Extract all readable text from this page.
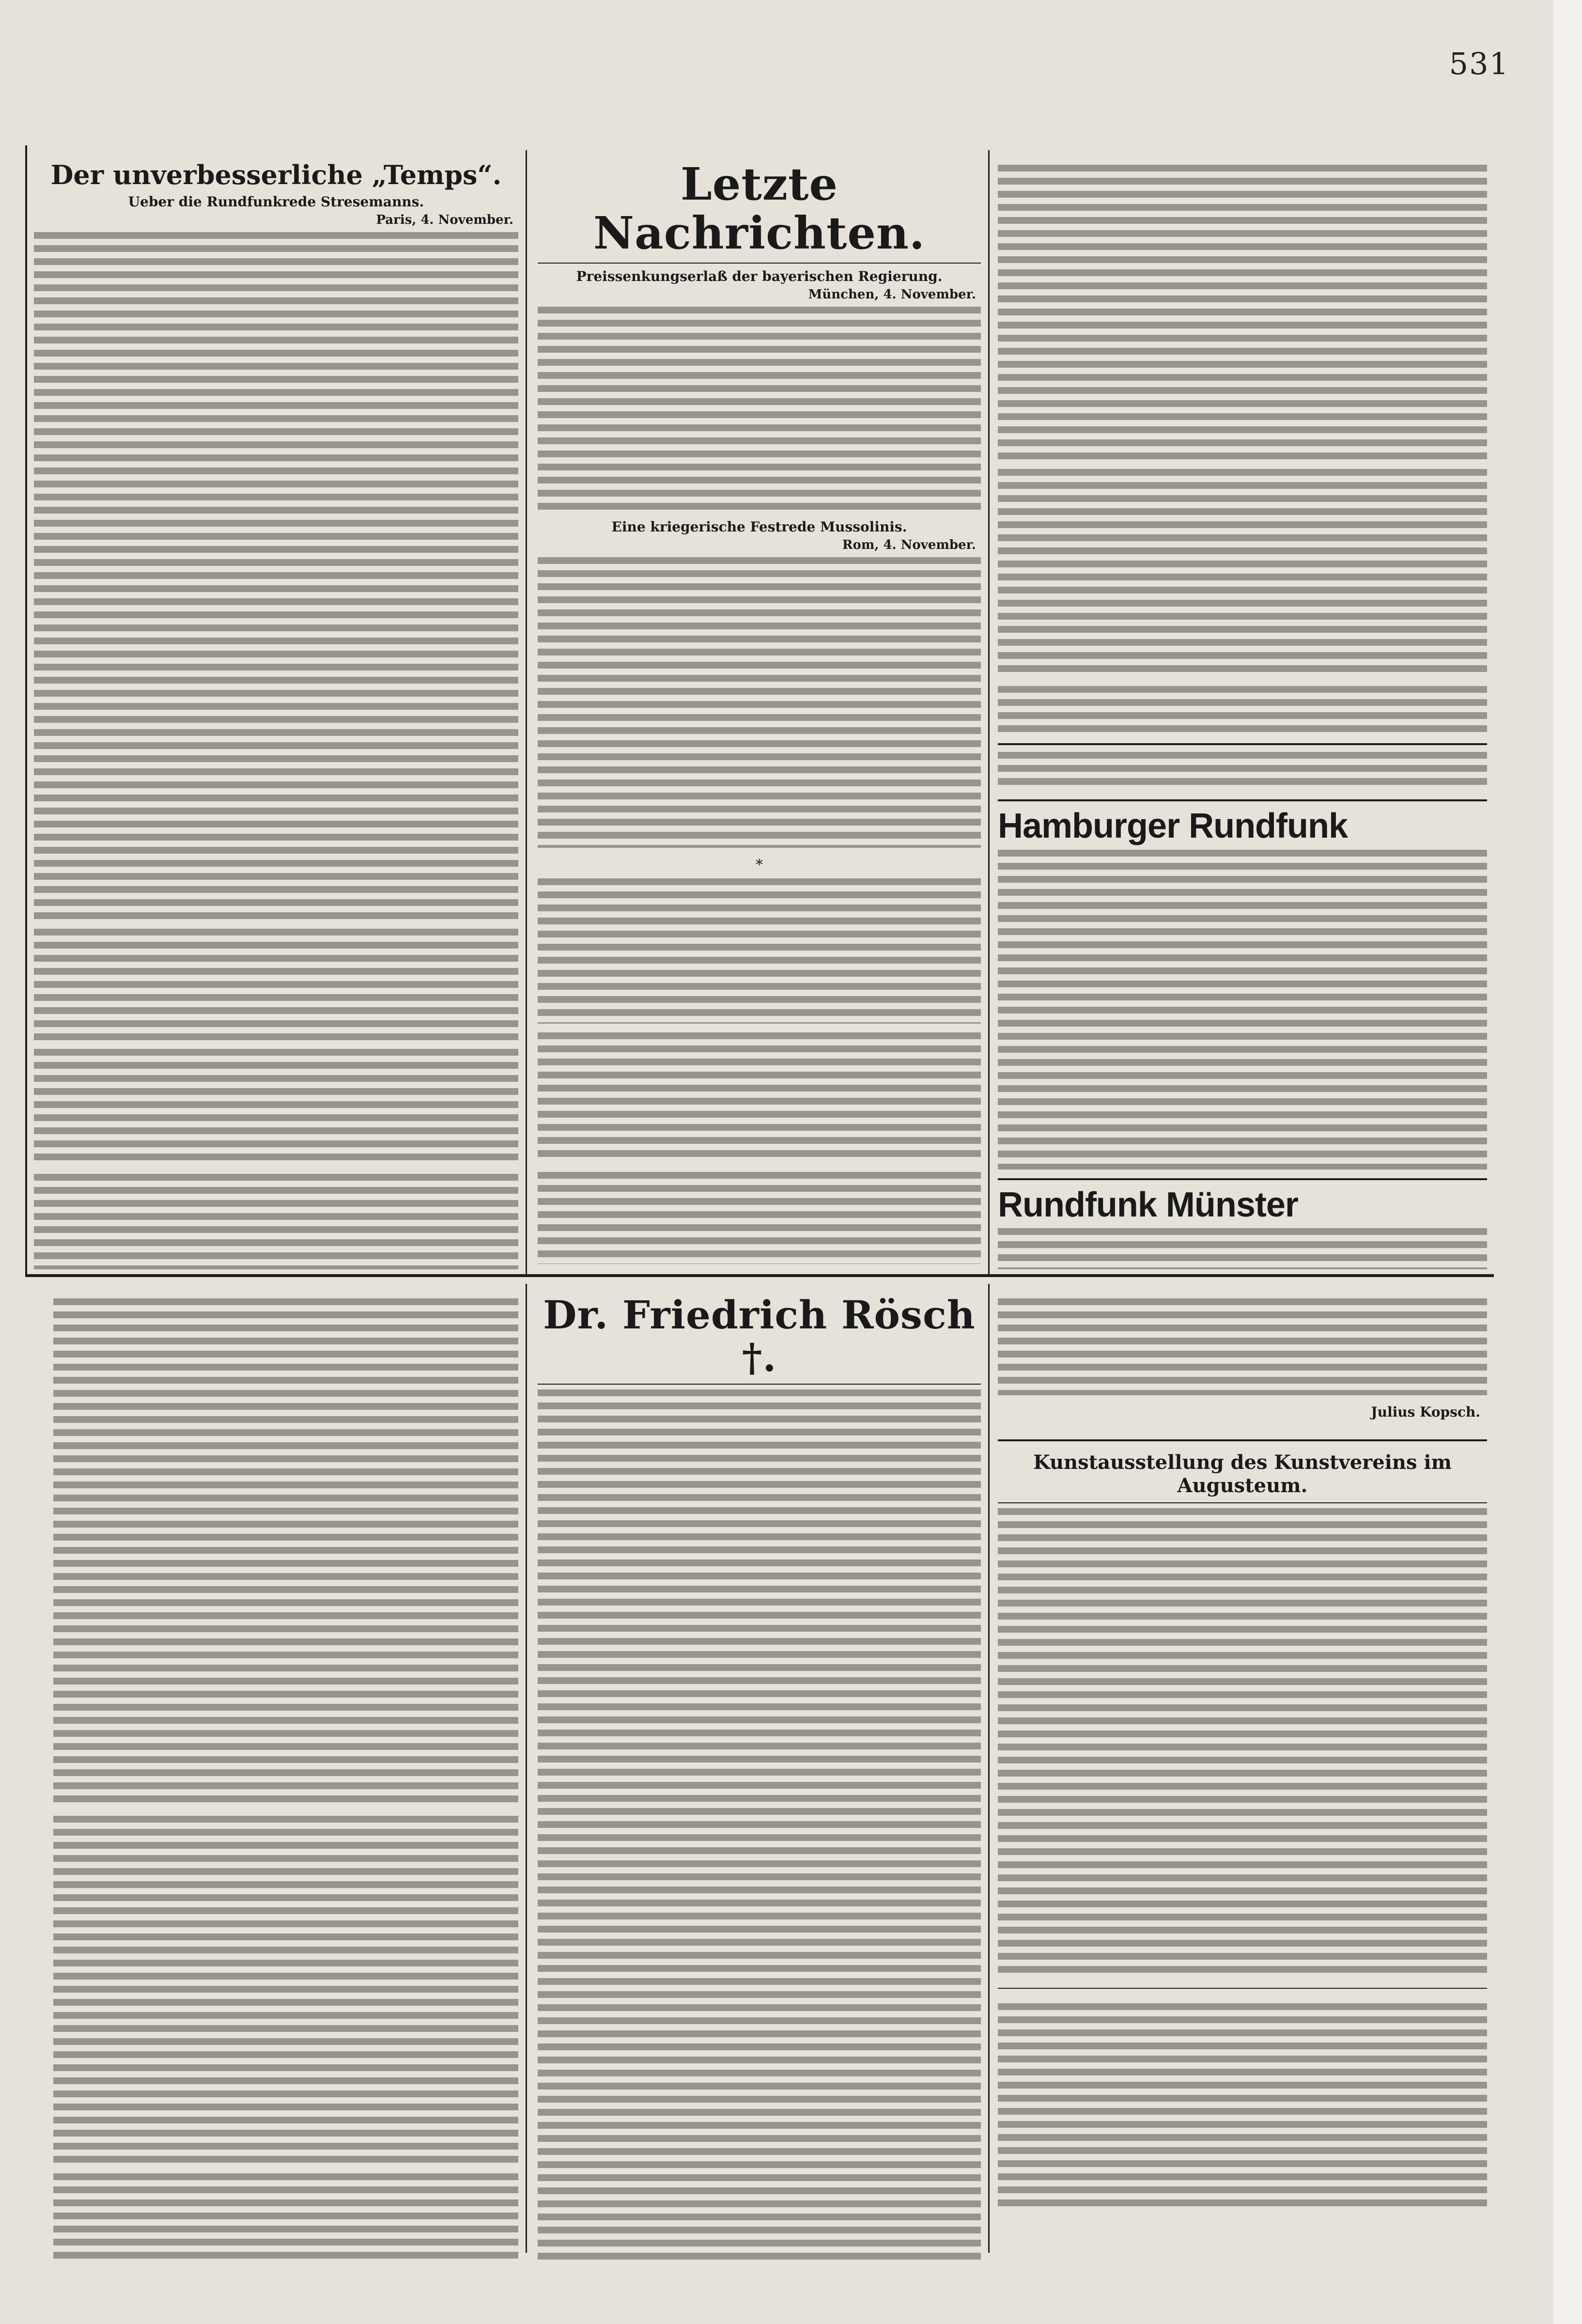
531
Der unverbesserliche „Temps“.

Ueber die Rundfunkrede Stresemanns.

Paris, 4. November.

Letzte Nachrichten.

Preissenkungserlaß der bayerischen Regierung.

München, 4. November.

Eine kriegerische Festrede Mussolinis.

Rom, 4. November.

*
Hamburger Rundfunk
Rundfunk Münster
Dr. Friedrich Rösch †.

Julius Kopsch.

Kunstausstellung des Kunstvereins im Augusteum.
